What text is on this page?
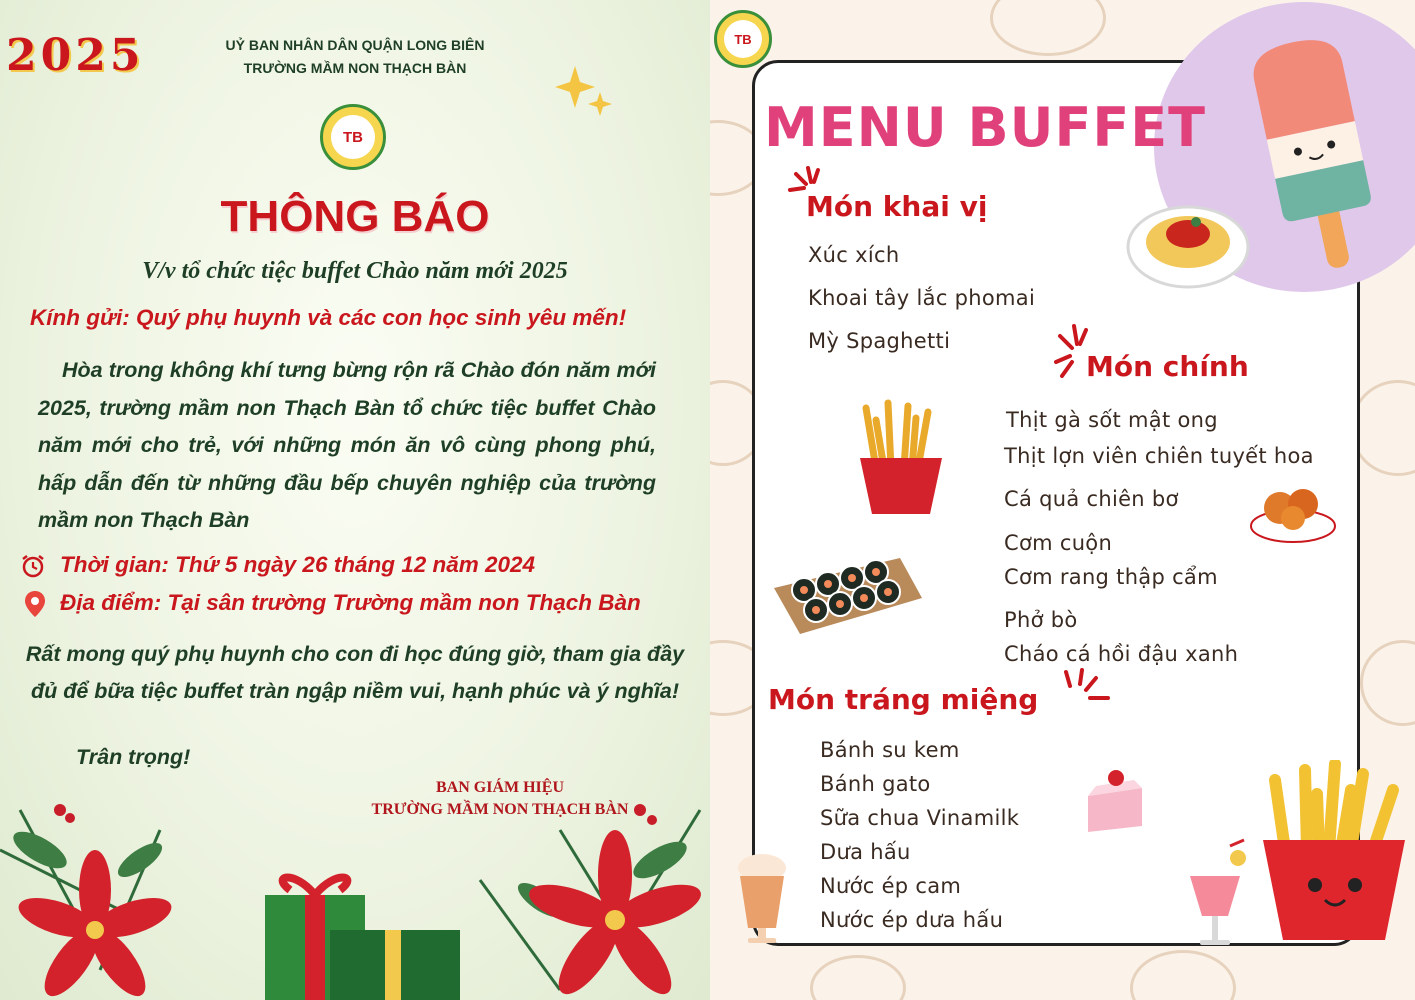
2025	UỶ BAN NHÂN DÂN QUẬN LONG BIÊN
TRƯỜNG MẦM NON THẠCH BÀN
TB
THÔNG BÁO
V/v tổ chức tiệc buffet Chào năm mới 2025
Kính gửi: Quý phụ huynh và các con học sinh yêu mến!
Hòa trong không khí tưng bừng rộn rã Chào đón năm mới 2025, trường mầm non Thạch Bàn tổ chức tiệc buffet Chào năm mới cho trẻ, với những món ăn vô cùng phong phú, hấp dẫn đến từ những đầu bếp chuyên nghiệp của trường mầm non Thạch Bàn
Thời gian: Thứ 5 ngày 26 tháng 12 năm 2024
Địa điểm: Tại sân trường Trường mầm non Thạch Bàn
Rất mong quý phụ huynh cho con đi học đúng giờ, tham gia đầy đủ để bữa tiệc buffet tràn ngập niềm vui, hạnh phúc và ý nghĩa!
Trân trọng!
BAN GIÁM HIỆU
TRƯỜNG MẦM NON THẠCH BÀN
TB
MENU BUFFET
Món khai vị
Xúc xích
Khoai tây lắc phomai
Mỳ Spaghetti
Món chính
Thịt gà sốt mật ong
Thịt lợn viên chiên tuyết hoa
Cá quả chiên bơ
Cơm cuộn
Cơm rang thập cẩm
Phở bò
Cháo cá hồi đậu xanh
Món tráng miệng
Bánh su kem
Bánh gato
Sữa chua Vinamilk
Dưa hấu
Nước ép cam
Nước ép dưa hấu
